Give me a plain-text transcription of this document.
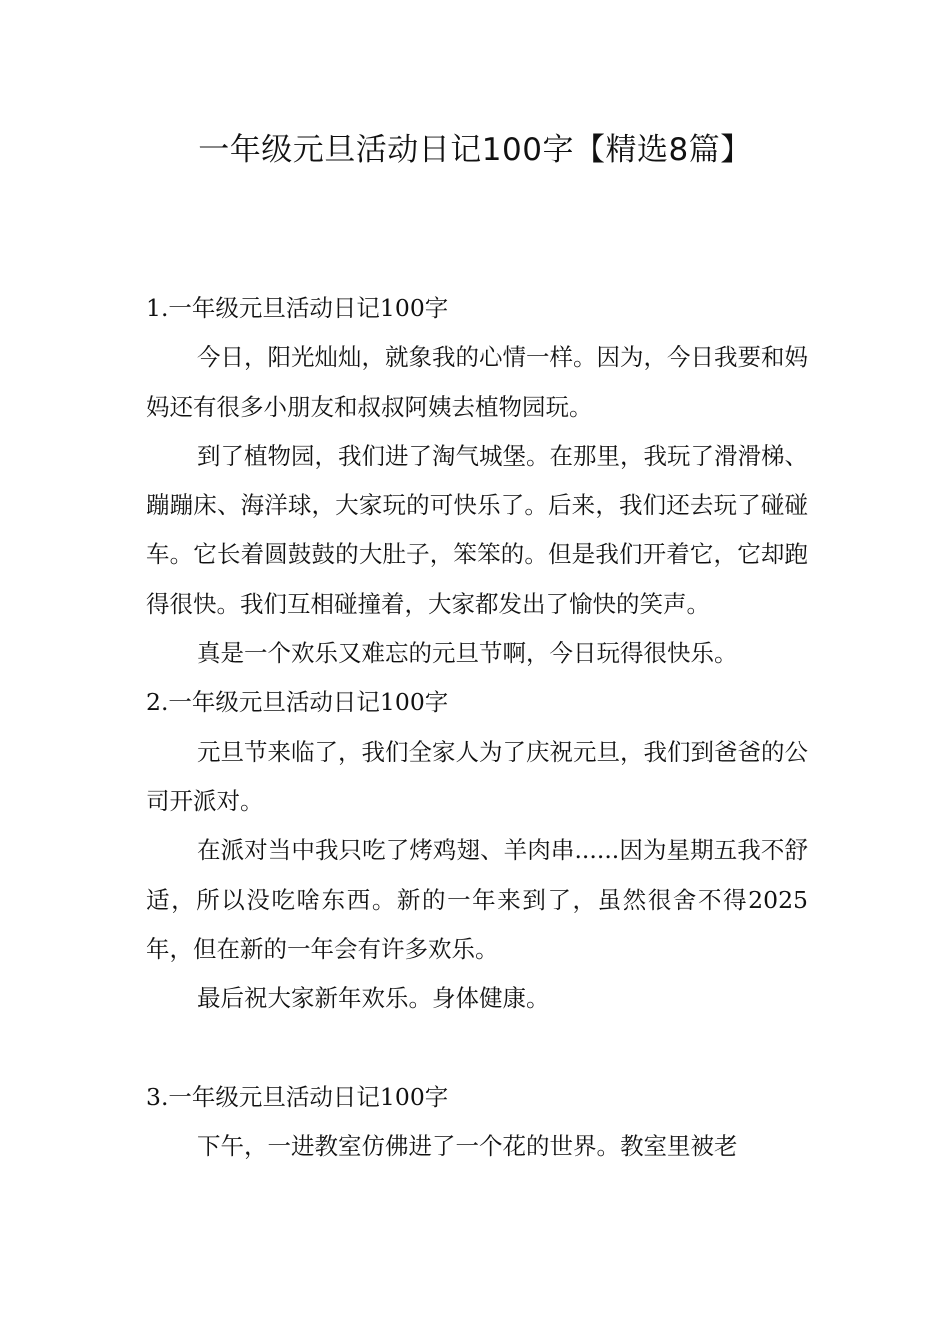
一年级元旦活动日记100字【精选8篇】

1.一年级元旦活动日记100字

今日，阳光灿灿，就象我的心情一样。因为，今日我要和妈妈还有很多小朋友和叔叔阿姨去植物园玩。

到了植物园，我们进了淘气城堡。在那里，我玩了滑滑梯、蹦蹦床、海洋球，大家玩的可快乐了。后来，我们还去玩了碰碰车。它长着圆鼓鼓的大肚子，笨笨的。但是我们开着它，它却跑得很快。我们互相碰撞着，大家都发出了愉快的笑声。

真是一个欢乐又难忘的元旦节啊，今日玩得很快乐。

2.一年级元旦活动日记100字

元旦节来临了，我们全家人为了庆祝元旦，我们到爸爸的公司开派对。

在派对当中我只吃了烤鸡翅、羊肉串......因为星期五我不舒适，所以没吃啥东西。新的一年来到了，虽然很舍不得2025年，但在新的一年会有许多欢乐。

最后祝大家新年欢乐。身体健康。

3.一年级元旦活动日记100字

下午，一进教室仿佛进了一个花的世界。教室里被老
